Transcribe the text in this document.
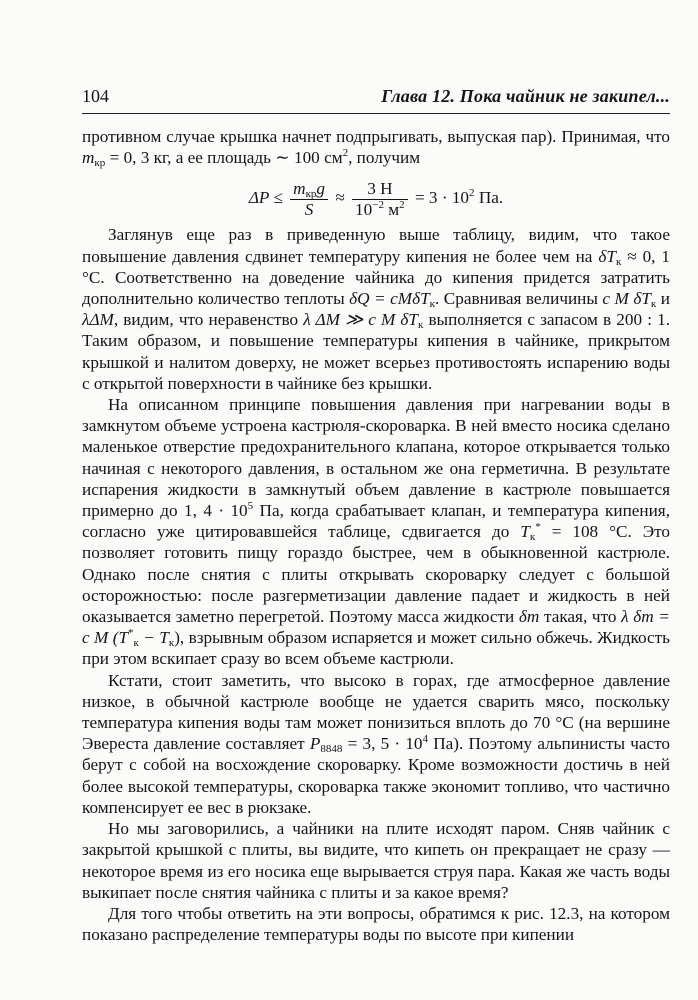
104	Глава 12. Пока чайник не закипел...

противном случае крышка начнет подпрыгивать, выпуская пар). Принимая, что $m_{кр} = 0$, 3 кг, а ее площадь ∼ 100 $см^2$, получим

$\Delta P \le \frac{m_{кр}g}{S} \approx \frac{3 Н}{10^{-2} м^2} = 3 \cdot 10^2$ Па.

Заглянув еще раз в приведенную выше таблицу, видим, что такое повышение давления сдвинет температуру кипения не более чем на $\delta T_к \approx 0$, 1 °C. Соответственно на доведение чайника до кипения придется затратить дополнительно количество теплоты δQ = cMδT$_к$. Сравнивая величины c M $\delta T_к$ и λΔM, видим, что неравенство λ ΔM ≫ c M $\delta T_к$ выполняется с запасом в 200 : 1. Таким образом, и повышение температуры кипения в чайнике, прикрытом крышкой и налитом доверху, не может всерьез противостоять испарению воды с открытой поверхности в чайнике без крышки.

На описанном принципе повышения давления при нагревании воды в замкнутом объеме устроена кастрюля-скороварка. В ней вместо носика сделано маленькое отверстие предохранительного клапана, которое открывается только начиная с некоторого давления, в остальном же она герметична. В результате испарения жидкости в замкнутый объем давление в кастрюле повышается примерно до 1, $4 \cdot 10^5$ Па, когда срабатывает клапан, и температура кипения, согласно уже цитировавшейся таблице, сдвигается до $T_к^* = 108$ °C. Это позволяет готовить пищу гораздо быстрее, чем в обыкновенной кастрюле. Однако после снятия с плиты открывать скороварку следует с большой осторожностью: после разгерметизации давление падает и жидкость в ней оказывается заметно перегретой. Поэтому масса жидкости δm такая, что λ δm = c M $(T^*_к - T_к)$, взрывным образом испаряется и может сильно обжечь. Жидкость при этом вскипает сразу во всем объеме кастрюли.

Кстати, стоит заметить, что высоко в горах, где атмосферное давление низкое, в обычной кастрюле вообще не удается сварить мясо, поскольку температура кипения воды там может понизиться вплоть до 70 °C (на вершине Эвереста давление составляет $P_{8848} = 3$, $5 \cdot 10^4$ Па). Поэтому альпинисты часто берут с собой на восхождение скороварку. Кроме возможности достичь в ней более высокой температуры, скороварка также экономит топливо, что частично компенсирует ее вес в рюкзаке.

Но мы заговорились, а чайники на плите исходят паром. Сняв чайник с закрытой крышкой с плиты, вы видите, что кипеть он прекращает не сразу — некоторое время из его носика еще вырывается струя пара. Какая же часть воды выкипает после снятия чайника с плиты и за какое время?

Для того чтобы ответить на эти вопросы, обратимся к рис. 12.3, на котором показано распределение температуры воды по высоте при кипении
